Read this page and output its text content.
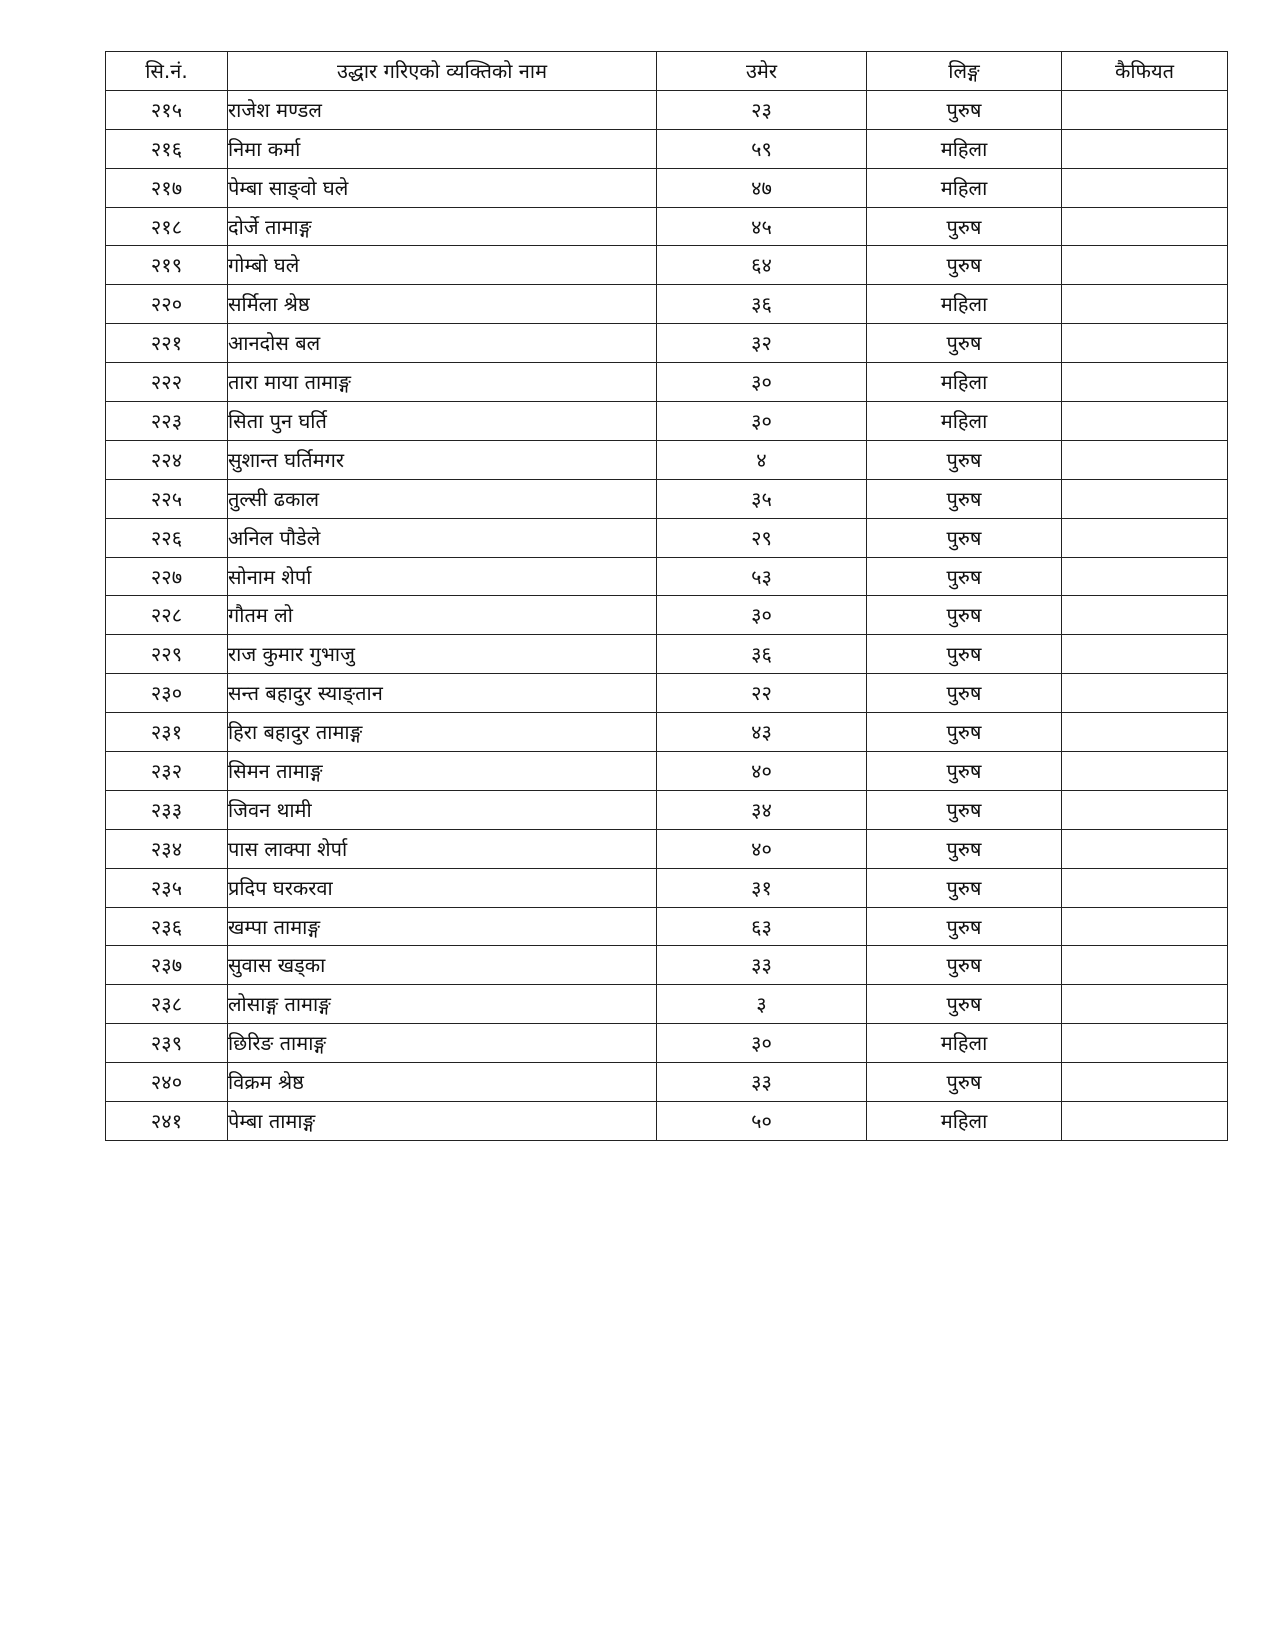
सि.नं.	उद्धार गरिएको व्यक्तिको नाम	उमेर	लिङ्ग	कैफियत
२१५	राजेश मण्डल	२३	पुरुष	
२१६	निमा कर्मा	५९	महिला	
२१७	पेम्बा साङ्वो घले	४७	महिला	
२१८	दोर्जे तामाङ्ग	४५	पुरुष	
२१९	गोम्बो घले	६४	पुरुष	
२२०	सर्मिला श्रेष्ठ	३६	महिला	
२२१	आनदोस बल	३२	पुरुष	
२२२	तारा माया तामाङ्ग	३०	महिला	
२२३	सिता पुन घर्ति	३०	महिला	
२२४	सुशान्त घर्तिमगर	४	पुरुष	
२२५	तुल्सी ढकाल	३५	पुरुष	
२२६	अनिल पौडेले	२९	पुरुष	
२२७	सोनाम शेर्पा	५३	पुरुष	
२२८	गौतम लो	३०	पुरुष	
२२९	राज कुमार गुभाजु	३६	पुरुष	
२३०	सन्त बहादुर स्याङ्तान	२२	पुरुष	
२३१	हिरा बहादुर तामाङ्ग	४३	पुरुष	
२३२	सिमन तामाङ्ग	४०	पुरुष	
२३३	जिवन थामी	३४	पुरुष	
२३४	पास लाक्पा शेर्पा	४०	पुरुष	
२३५	प्रदिप घरकरवा	३१	पुरुष	
२३६	खम्पा तामाङ्ग	६३	पुरुष	
२३७	सुवास खड्का	३३	पुरुष	
२३८	लोसाङ्ग तामाङ्ग	३	पुरुष	
२३९	छिरिङ तामाङ्ग	३०	महिला	
२४०	विक्रम श्रेष्ठ	३३	पुरुष	
२४१	पेम्बा तामाङ्ग	५०	महिला	
